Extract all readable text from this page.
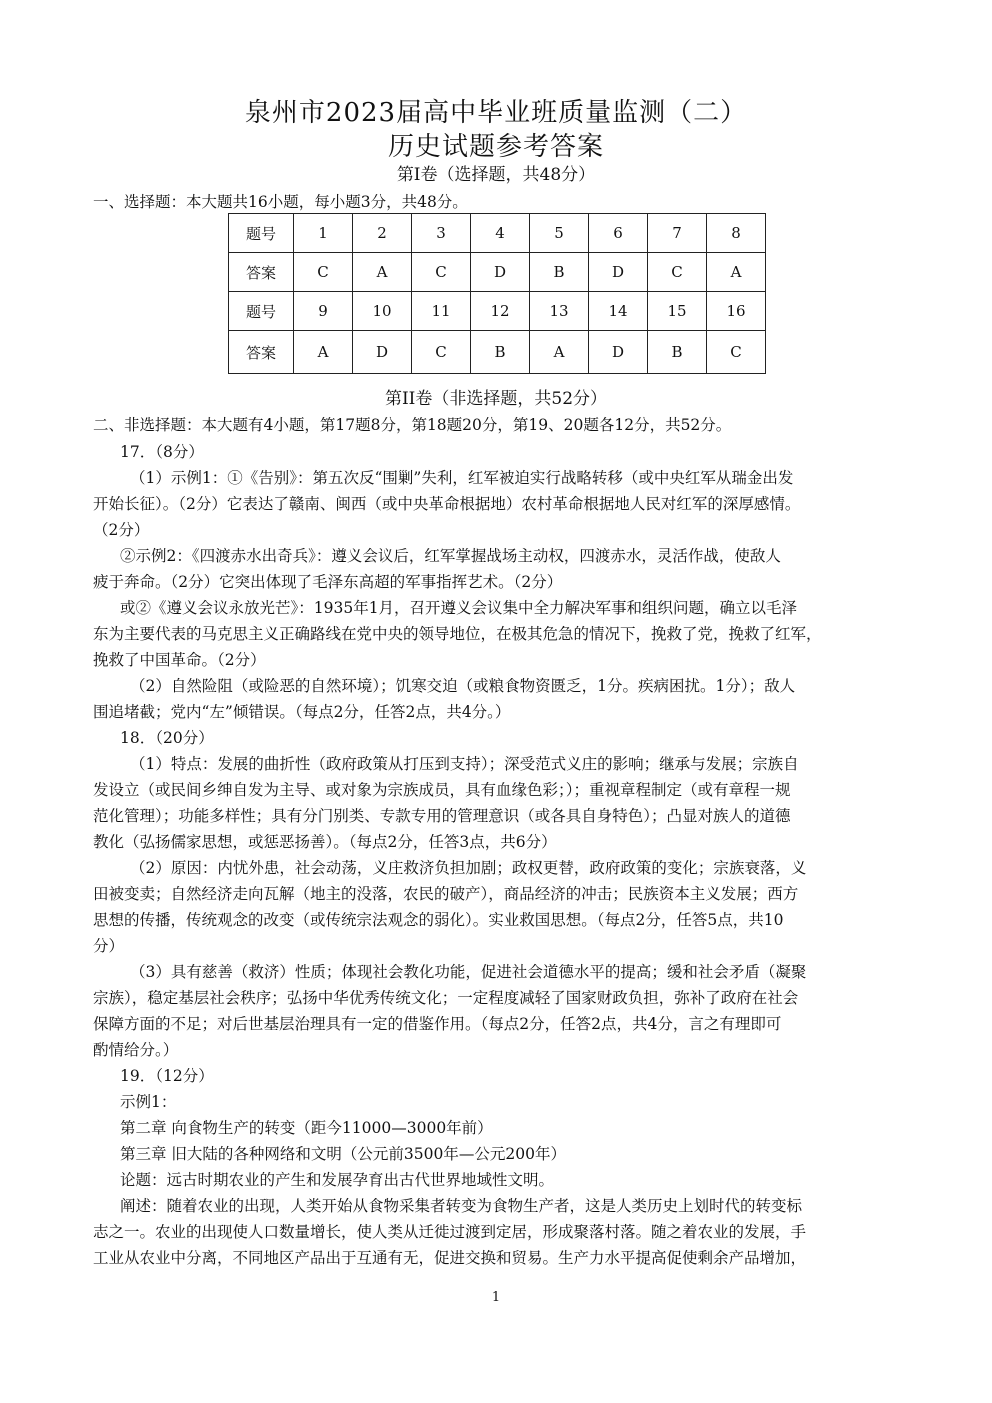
泉州市2023届高中毕业班质量监测（二）
历史试题参考答案
第Ⅰ卷（选择题，共48分）
一、选择题：本大题共16小题，每小题3分，共48分。
题号	1	2	3	4	5	6	7	8
答案	C	A	C	D	B	D	C	A
题号	9	10	11	12	13	14	15	16
答案	A	D	C	B	A	D	B	C
第II卷（非选择题，共52分）
二、非选择题：本大题有4小题，第17题8分，第18题20分，第19、20题各12分，共52分。
17．（8分）
（1）示例1：①《告别》：第五次反“围剿”失利，红军被迫实行战略转移（或中央红军从瑞金出发
开始长征）。（2分）它表达了赣南、闽西（或中央革命根据地）农村革命根据地人民对红军的深厚感情。
（2分）
②示例2：《四渡赤水出奇兵》：遵义会议后，红军掌握战场主动权，四渡赤水，灵活作战，使敌人
疲于奔命。（2分）它突出体现了毛泽东高超的军事指挥艺术。（2分）
或②《遵义会议永放光芒》：1935年1月，召开遵义会议集中全力解决军事和组织问题，确立以毛泽
东为主要代表的马克思主义正确路线在党中央的领导地位，在极其危急的情况下，挽救了党，挽救了红军，
挽救了中国革命。（2分）
（2）自然险阻（或险恶的自然环境）；饥寒交迫（或粮食物资匮乏，1分。疾病困扰。1分）；敌人
围追堵截；党内“左”倾错误。（每点2分，任答2点，共4分。）
18．（20分）
（1）特点：发展的曲折性（政府政策从打压到支持）；深受范式义庄的影响；继承与发展；宗族自
发设立（或民间乡绅自发为主导、或对象为宗族成员，具有血缘色彩；）；重视章程制定（或有章程一规
范化管理）；功能多样性；具有分门别类、专款专用的管理意识（或各具自身特色）；凸显对族人的道德
教化（弘扬儒家思想，或惩恶扬善）。（每点2分，任答3点，共6分）
（2）原因：内忧外患，社会动荡，义庄救济负担加剧；政权更替，政府政策的变化；宗族衰落，义
田被变卖；自然经济走向瓦解（地主的没落，农民的破产），商品经济的冲击；民族资本主义发展；西方
思想的传播，传统观念的改变（或传统宗法观念的弱化）。实业救国思想。（每点2分，任答5点，共10
分）
（3）具有慈善（救济）性质；体现社会教化功能，促进社会道德水平的提高；缓和社会矛盾（凝聚
宗族），稳定基层社会秩序；弘扬中华优秀传统文化；一定程度减轻了国家财政负担，弥补了政府在社会
保障方面的不足；对后世基层治理具有一定的借鉴作用。（每点2分，任答2点，共4分，言之有理即可
酌情给分。）
19．（12分）
示例1：
第二章 向食物生产的转变（距今11000—3000年前）
第三章 旧大陆的各种网络和文明（公元前3500年—公元200年）
论题：远古时期农业的产生和发展孕育出古代世界地域性文明。
阐述：随着农业的出现，人类开始从食物采集者转变为食物生产者，这是人类历史上划时代的转变标
志之一。农业的出现使人口数量增长，使人类从迁徙过渡到定居，形成聚落村落。随之着农业的发展，手
工业从农业中分离，不同地区产品出于互通有无，促进交换和贸易。生产力水平提高促使剩余产品增加，
1
